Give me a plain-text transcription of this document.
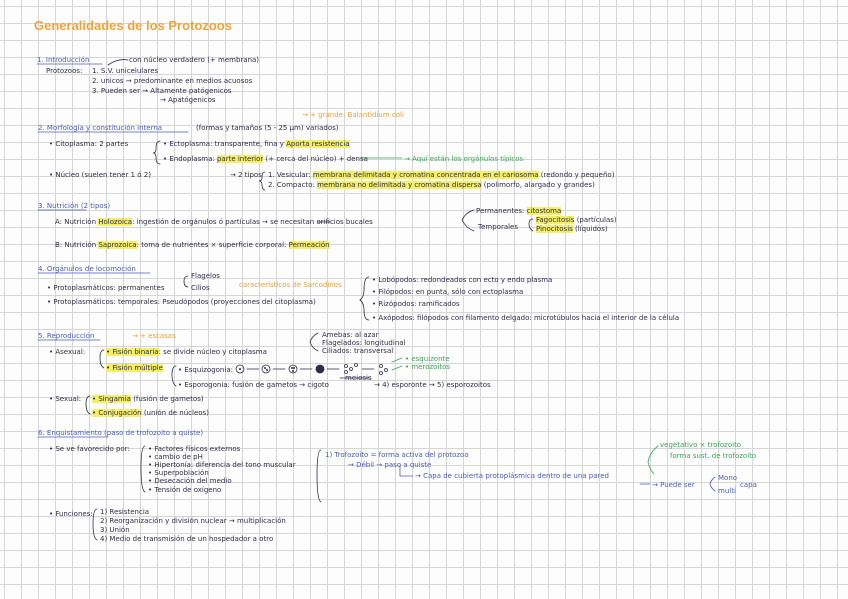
Generalidades de los Protozoos
1. Introducción	con núcleo verdadero (+ membrana)
Protozoos: 1. S.V. unicelulares
2. unicos → predominante en medios acuosos
3. Pueden ser → Altamente patógenicos
→ Apatógenicos
→ + grande: Balantidium coli
2. Morfología y constitución interna	(formas y tamaños (5 - 25 μm) variados)
• Citoplasma: 2 partes	• Ectoplasma: transparente, fina y Aporta resistencia
• Endoplasma: parte interior (+ cerca del núcleo) + densa	→ Aquí están los orgánulos típicos
• Núcleo (suelen tener 1 ó 2)	→ 2 tipos 1. Vesicular: membrana delimitada y cromatina concentrada en el cariosoma (redondo y pequeño)
2. Compacto: membrana no delimitada y cromatina dispersa (polimorfo, alargado y grandes)
3. Nutrición (2 tipos)
Permanentes: citostoma
A: Nutrición Holozoica: ingestión de orgánulos ó partículas → se necesitan orificios bucales	Fagocitosis (partículas)
Temporales	Pinocitosis (líquidos)
B: Nutrición Saprozoica: toma de nutrientes × superficie corporal: Permeación
4. Orgánulos de locomoción
Flagelos
• Protoplasmáticos: permanentes	Cilios	característicos de Sarcodinos
• Lobópodos: redondeados con ecto y endo plasma
• Filópodos: en punta, sólo con ectoplasma
• Protoplasmáticos: temporales: Pseudópodos (proyecciones del citoplasma)	• Rizópodos: ramificados
• Axópodos: filópodos con filamento delgado: microtúbulos hacia el interior de la célula
5. Reproducción	→ + escasas	Amebas: al azar
Flagelados: longitudinal
• Asexual:	• Fisión binaria: se divide núcleo y citoplasma	Ciliados: transversal
• esquizonte
• Fisión múltiple	• merozoitos
• Esquizogonia:
meiosis
• Esporogonia: fusión de gametos → cigoto	→ 4) esporonte → 5) esporozoitos
• Sexual: • Singamia (fusión de gametos)
• Conjugación (unión de núcleos)
6. Enquistamiento (paso de trofozoito a quiste)
vegetativo × trofozoito
• Se ve favorecido por:	• Factores físicos externos
1) Trofozoito = forma activa del protozoo	forma sust. de trofozoito
• cambio de pH
• Hipertonía: diferencia del tono muscular	→ Débil → paso a quiste
• Superpoblación	→ Capa de cubierta protoplásmica dentro de una pared	Mono
• Desecación del medio	→ Puede ser	capa
• Tensión de oxígeno	multi
• Funciones: 1) Resistencia
2) Reorganización y división nuclear → multiplicación
3) Unión
4) Medio de transmisión de un hospedador a otro
